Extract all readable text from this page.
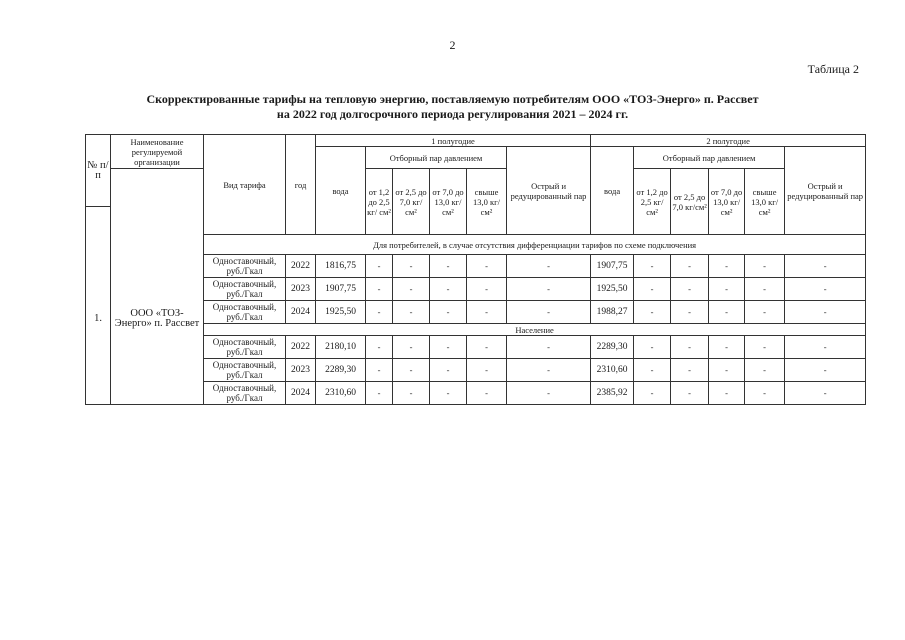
2
Таблица 2
Скорректированные тарифы на тепловую энергию, поставляемую потребителям ООО «ТОЗ-Энерго» п. Рассвет
на 2022 год долгосрочного периода регулирования 2021 – 2024 гг.
№ п/п	Наименование регулируемой организации	Вид тарифа	год	1 полугодие						2 полугодие					
				вода	Отборный пар давлением				Острый и редуцированный пар	вода	Отборный пар давлением				Острый и редуцированный пар
					от 1,2 до 2,5 кг/ см²	от 2,5 до 7,0 кг/см²	от 7,0 до 13,0 кг/см²	свыше 13,0 кг/см²			от 1,2 до 2,5 кг/см²	от 2,5 до 7,0 кг/см²	от 7,0 до 13,0 кг/см²	свыше 13,0 кг/см²	

1.	ООО «ТОЗ-Энерго» п. Рассвет	Для потребителей, в случае отсутствия дифференциации тарифов по схеме подключения													
		Одноставочный, руб./Гкал	2022	1816,75	-	-	-	-	-	1907,75	-	-	-	-	-
		Одноставочный, руб./Гкал	2023	1907,75	-	-	-	-	-	1925,50	-	-	-	-	-
		Одноставочный, руб./Гкал	2024	1925,50	-	-	-	-	-	1988,27	-	-	-	-	-
		Население													
		Одноставочный, руб./Гкал	2022	2180,10	-	-	-	-	-	2289,30	-	-	-	-	-
		Одноставочный, руб./Гкал	2023	2289,30	-	-	-	-	-	2310,60	-	-	-	-	-
		Одноставочный, руб./Гкал	2024	2310,60	-	-	-	-	-	2385,92	-	-	-	-	-
